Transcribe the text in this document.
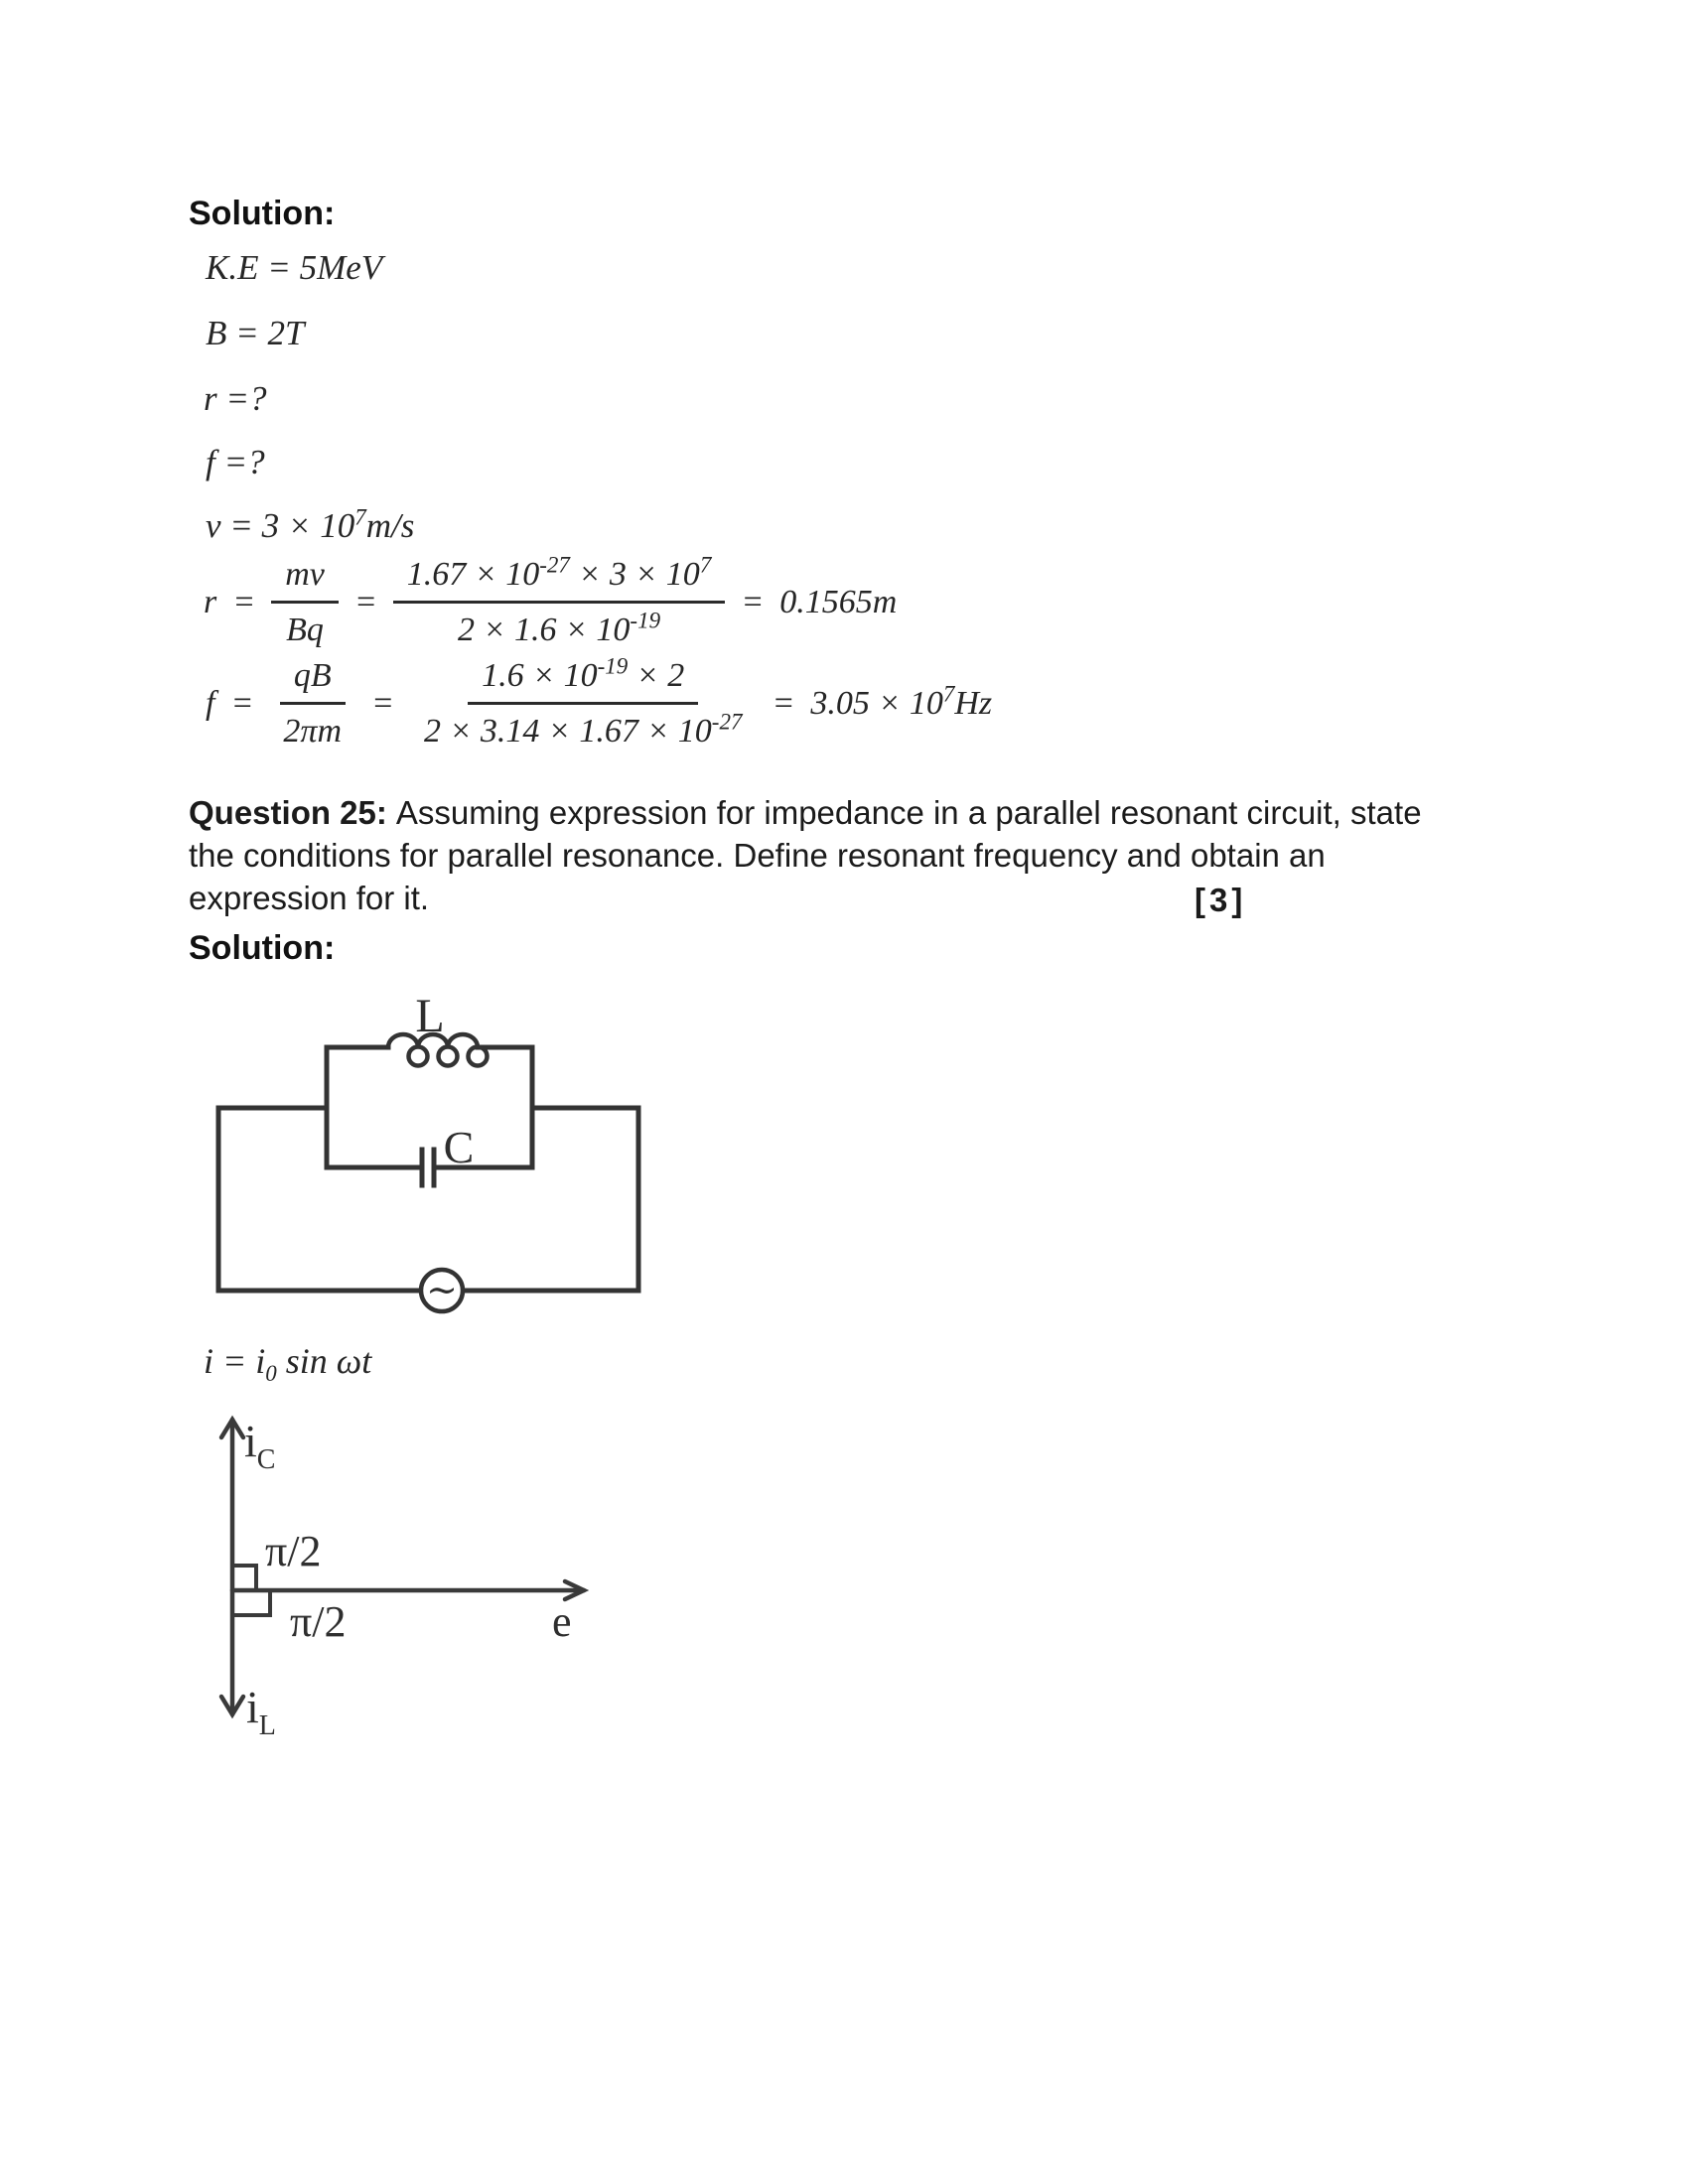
Solution:
K.E = 5MeV
B = 2T
r =?
f =?
$v = 3 \times 10^7m/s$
$r = \frac{mv}{Bq} = \frac{1.67 \times 10^{-27} \times 3 \times 10^7}{2 \times 1.6 \times 10^{-19}} = 0.1565m$
$f = \frac{qB}{2\pi m} = \frac{1.6 \times 10^{-19} \times 2}{2 \times 3.14 \times 1.67 \times 10^{-27}} = 3.05 \times 10^7Hz$
Question 25: Assuming expression for impedance in a parallel resonant circuit, state
the conditions for parallel resonance. Define resonant frequency and obtain an
expression for it.	[3]
Solution:
L
C
∼
$i = i_0$ sin ωt
$i_C$
$i_L$
π/2
π/2	e
